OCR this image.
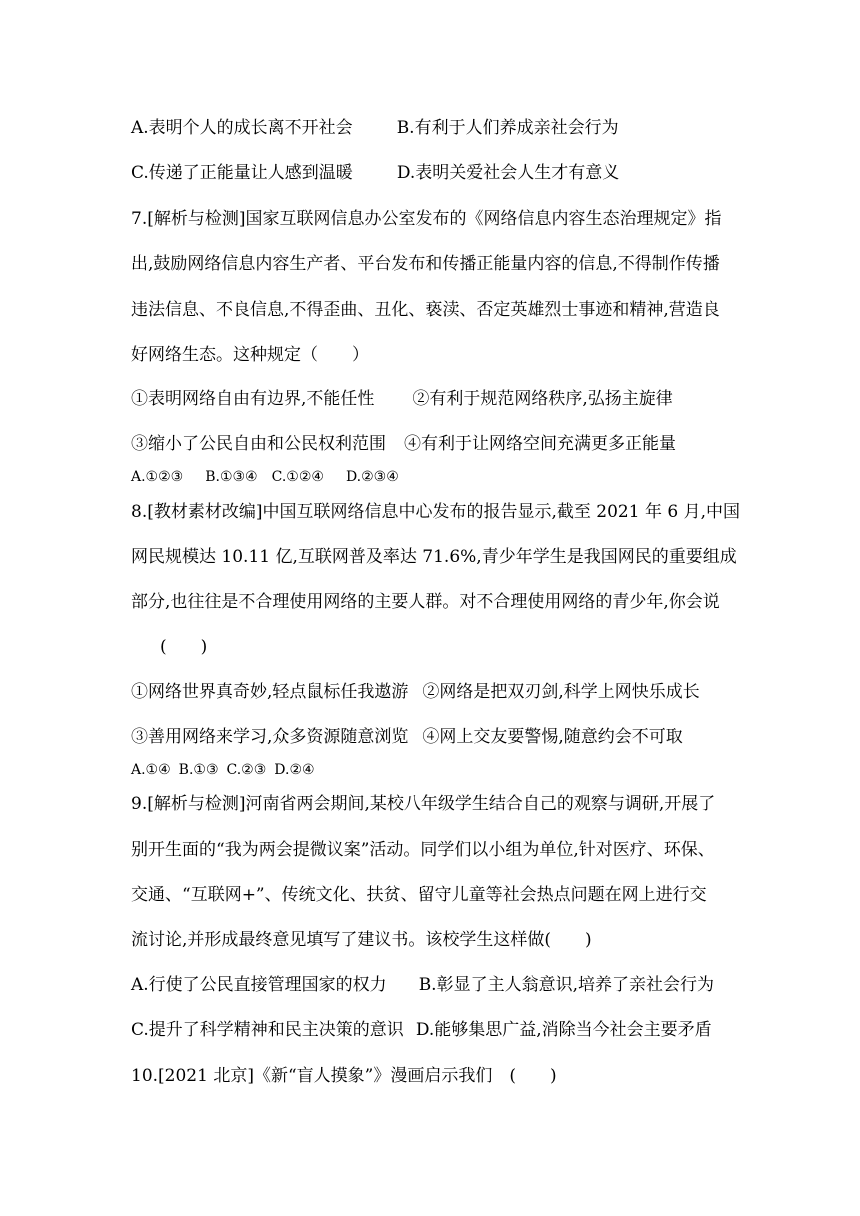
A.表明个人的成长离不开社会	B.有利于人们养成亲社会行为
C.传递了正能量让人感到温暖	D.表明关爱社会人生才有意义
7.[解析与检测]国家互联网信息办公室发布的《网络信息内容生态治理规定》指
出,鼓励网络信息内容生产者、平台发布和传播正能量内容的信息,不得制作传播
违法信息、不良信息,不得歪曲、丑化、亵渎、否定英雄烈士事迹和精神,营造良
好网络生态。这种规定（　　）
①表明网络自由有边界,不能任性 ②有利于规范网络秩序,弘扬主旋律
③缩小了公民自由和公民权利范围 ④有利于让网络空间充满更多正能量
A.①②③ B.①③④ C.①②④ D.②③④
8.[教材素材改编]中国互联网络信息中心发布的报告显示,截至 2021 年 6 月,中国
网民规模达 10.11 亿,互联网普及率达 71.6%,青少年学生是我国网民的重要组成
部分,也往往是不合理使用网络的主要人群。对不合理使用网络的青少年,你会说
(　　)
①网络世界真奇妙,轻点鼠标任我遨游 ②网络是把双刃剑,科学上网快乐成长
③善用网络来学习,众多资源随意浏览 ④网上交友要警惕,随意约会不可取
A.①④ B.①③ C.②③ D.②④
9.[解析与检测]河南省两会期间,某校八年级学生结合自己的观察与调研,开展了
别开生面的“我为两会提微议案”活动。同学们以小组为单位,针对医疗、环保、
交通、“互联网+”、传统文化、扶贫、留守儿童等社会热点问题在网上进行交
流讨论,并形成最终意见填写了建议书。该校学生这样做(　　)
A.行使了公民直接管理国家的权力 B.彰显了主人翁意识,培养了亲社会行为
C.提升了科学精神和民主决策的意识 D.能够集思广益,消除当今社会主要矛盾
10.[2021 北京]《新“盲人摸象”》漫画启示我们　(　　)
